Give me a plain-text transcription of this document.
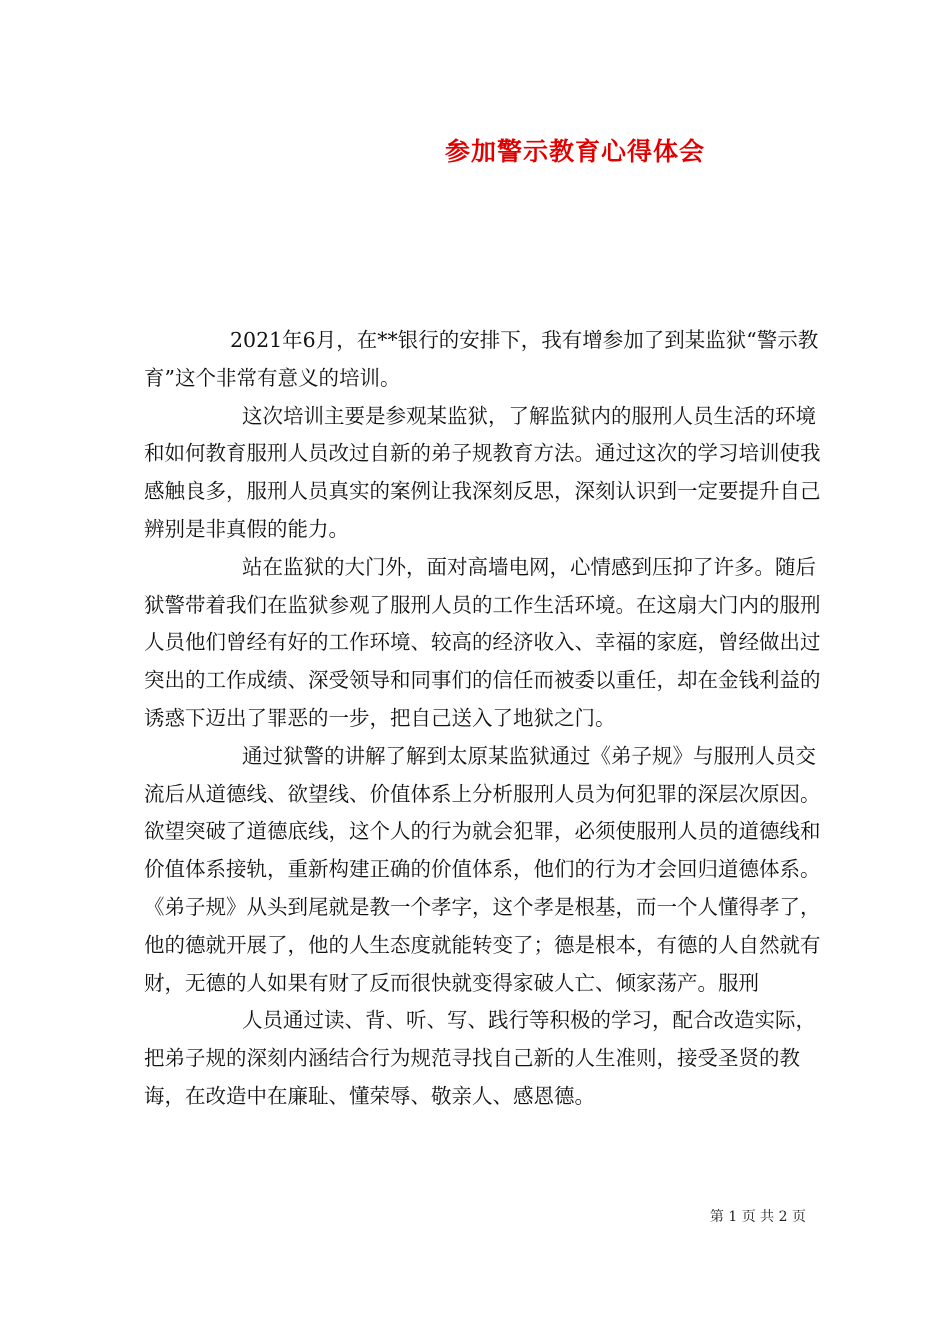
参加警示教育心得体会

2021年6月，在**银行的安排下，我有增参加了到某监狱“警示教育”这个非常有意义的培训。

这次培训主要是参观某监狱，了解监狱内的服刑人员生活的环境和如何教育服刑人员改过自新的弟子规教育方法。通过这次的学习培训使我感触良多，服刑人员真实的案例让我深刻反思，深刻认识到一定要提升自己辨别是非真假的能力。

站在监狱的大门外，面对高墙电网，心情感到压抑了许多。随后狱警带着我们在监狱参观了服刑人员的工作生活环境。在这扇大门内的服刑人员他们曾经有好的工作环境、较高的经济收入、幸福的家庭，曾经做出过突出的工作成绩、深受领导和同事们的信任而被委以重任，却在金钱利益的诱惑下迈出了罪恶的一步，把自己送入了地狱之门。

通过狱警的讲解了解到太原某监狱通过《弟子规》与服刑人员交流后从道德线、欲望线、价值体系上分析服刑人员为何犯罪的深层次原因。欲望突破了道德底线，这个人的行为就会犯罪，必须使服刑人员的道德线和价值体系接轨，重新构建正确的价值体系，他们的行为才会回归道德体系。《弟子规》从头到尾就是教一个孝字，这个孝是根基，而一个人懂得孝了，他的德就开展了，他的人生态度就能转变了；德是根本，有德的人自然就有财，无德的人如果有财了反而很快就变得家破人亡、倾家荡产。服刑

人员通过读、背、听、写、践行等积极的学习，配合改造实际，把弟子规的深刻内涵结合行为规范寻找自己新的人生准则，接受圣贤的教诲，在改造中在廉耻、懂荣辱、敬亲人、感恩德。

第 1 页 共 2 页
